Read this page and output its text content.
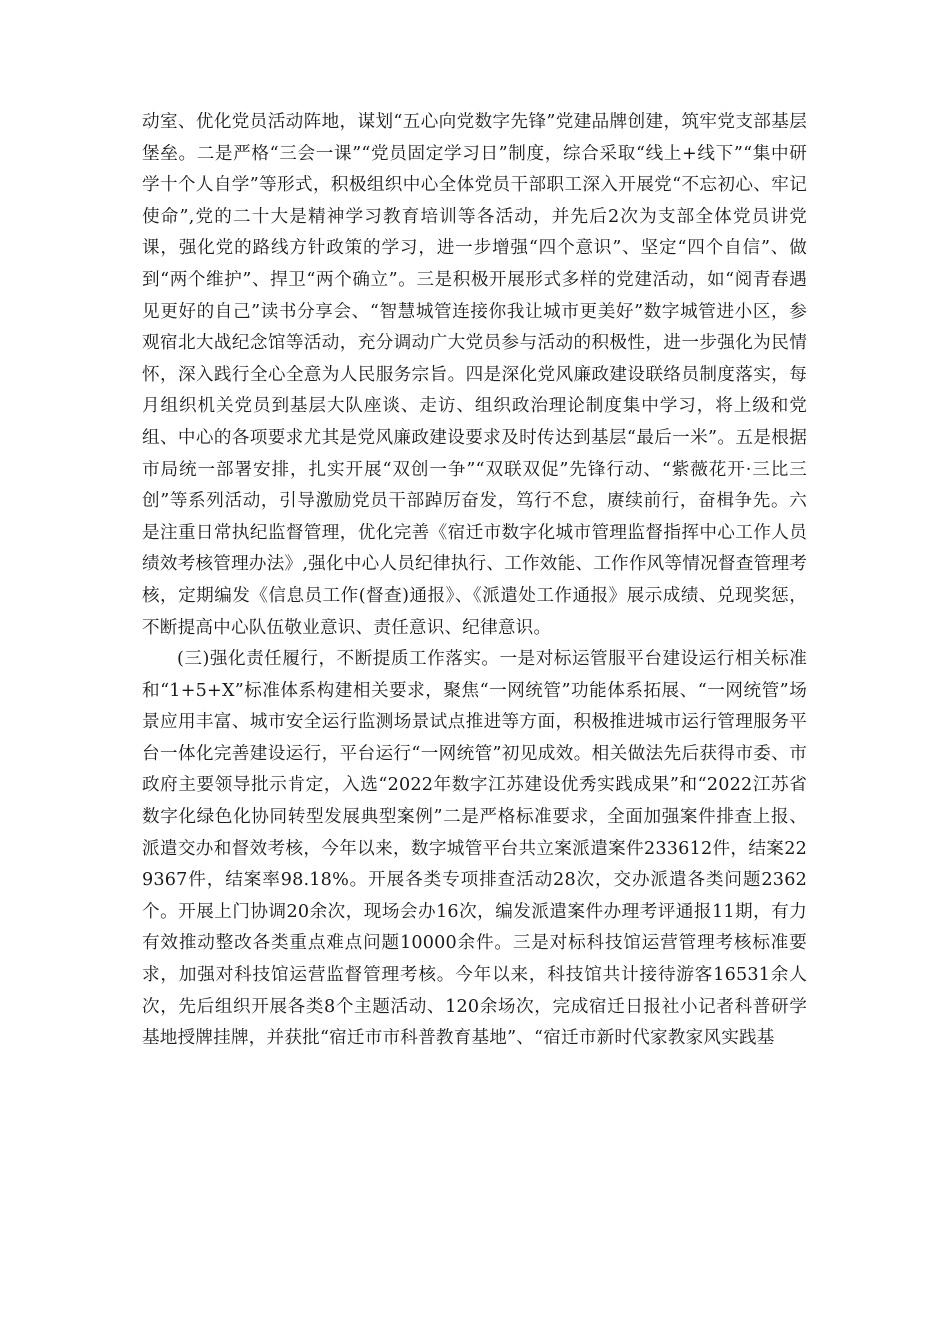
动室、优化党员活动阵地，谋划“五心向党数字先锋”党建品牌创建，筑牢党支部基层堡垒。二是严格“三会一课”“党员固定学习日”制度，综合采取“线上+线下”“集中研学十个人自学”等形式，积极组织中心全体党员干部职工深入开展党“不忘初心、牢记使命”,党的二十大是精神学习教育培训等各活动，并先后2次为支部全体党员讲党课，强化党的路线方针政策的学习，进一步增强“四个意识”、坚定“四个自信”、做到“两个维护”、捍卫“两个确立”。三是积极开展形式多样的党建活动，如“阅青春遇见更好的自己”读书分享会、“智慧城管连接你我让城市更美好”数字城管进小区，参观宿北大战纪念馆等活动，充分调动广大党员参与活动的积极性，进一步强化为民情怀，深入践行全心全意为人民服务宗旨。四是深化党风廉政建设联络员制度落实，每月组织机关党员到基层大队座谈、走访、组织政治理论制度集中学习，将上级和党组、中心的各项要求尤其是党风廉政建设要求及时传达到基层“最后一米”。五是根据市局统一部署安排，扎实开展“双创一争”“双联双促”先锋行动、“紫薇花开·三比三创”等系列活动，引导激励党员干部踔厉奋发，笃行不怠，赓续前行，奋楫争先。六是注重日常执纪监督管理，优化完善《宿迁市数字化城市管理监督指挥中心工作人员绩效考核管理办法》,强化中心人员纪律执行、工作效能、工作作风等情况督查管理考核，定期编发《信息员工作(督查)通报》、《派遣处工作通报》展示成绩、兑现奖惩，不断提高中心队伍敬业意识、责任意识、纪律意识。

(三)强化责任履行，不断提质工作落实。一是对标运管服平台建设运行相关标准和“1+5+X”标准体系构建相关要求，聚焦“一网统管”功能体系拓展、“一网统管”场景应用丰富、城市安全运行监测场景试点推进等方面，积极推进城市运行管理服务平台一体化完善建设运行，平台运行“一网统管”初见成效。相关做法先后获得市委、市政府主要领导批示肯定，入选“2022年数字江苏建设优秀实践成果”和“2022江苏省数字化绿色化协同转型发展典型案例”二是严格标准要求，全面加强案件排查上报、派遣交办和督效考核，今年以来，数字城管平台共立案派遣案件233612件，结案229367件，结案率98.18%。开展各类专项排查活动28次，交办派遣各类问题2362个。开展上门协调20余次，现场会办16次，编发派遣案件办理考评通报11期，有力有效推动整改各类重点难点问题10000余件。三是对标科技馆运营管理考核标准要求，加强对科技馆运营监督管理考核。今年以来，科技馆共计接待游客16531余人次，先后组织开展各类8个主题活动、120余场次，完成宿迁日报社小记者科普研学基地授牌挂牌，并获批“宿迁市市科普教育基地”、“宿迁市新时代家教家风实践基
